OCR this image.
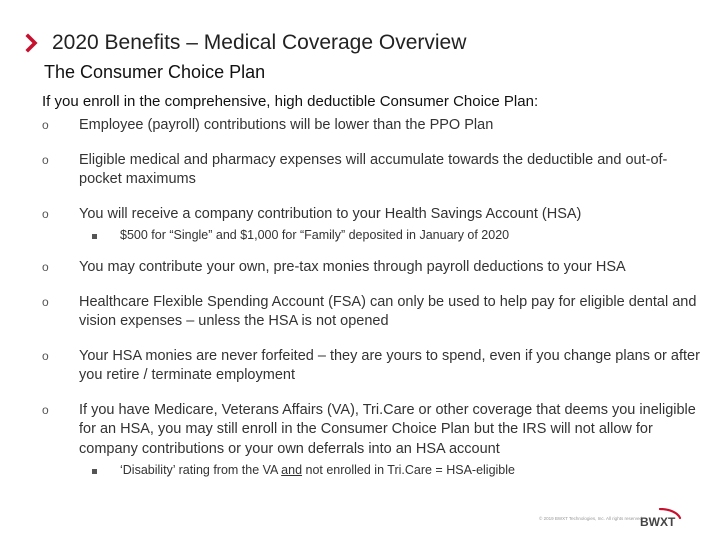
2020 Benefits – Medical Coverage Overview
The Consumer Choice Plan
If you enroll in the comprehensive, high deductible Consumer Choice Plan:
o Employee (payroll) contributions will be lower than the PPO Plan
o Eligible medical and pharmacy expenses will accumulate towards the deductible and out-of-pocket maximums
o You will receive a company contribution to your Health Savings Account (HSA)
$500 for “Single” and $1,000 for “Family” deposited in January of 2020
o You may contribute your own, pre-tax monies through payroll deductions to your HSA
o Healthcare Flexible Spending Account (FSA) can only be used to help pay for eligible dental and vision expenses – unless the HSA is not opened
o Your HSA monies are never forfeited – they are yours to spend, even if you change plans or after you retire / terminate employment
o If you have Medicare, Veterans Affairs (VA), Tri.Care or other coverage that deems you ineligible for an HSA, you may still enroll in the Consumer Choice Plan but the IRS will not allow for company contributions or your own deferrals into an HSA account
‘Disability’ rating from the VA and not enrolled in Tri.Care = HSA-eligible
© 2019 BWXT Technologies, Inc. All rights reserved.
BWXT
